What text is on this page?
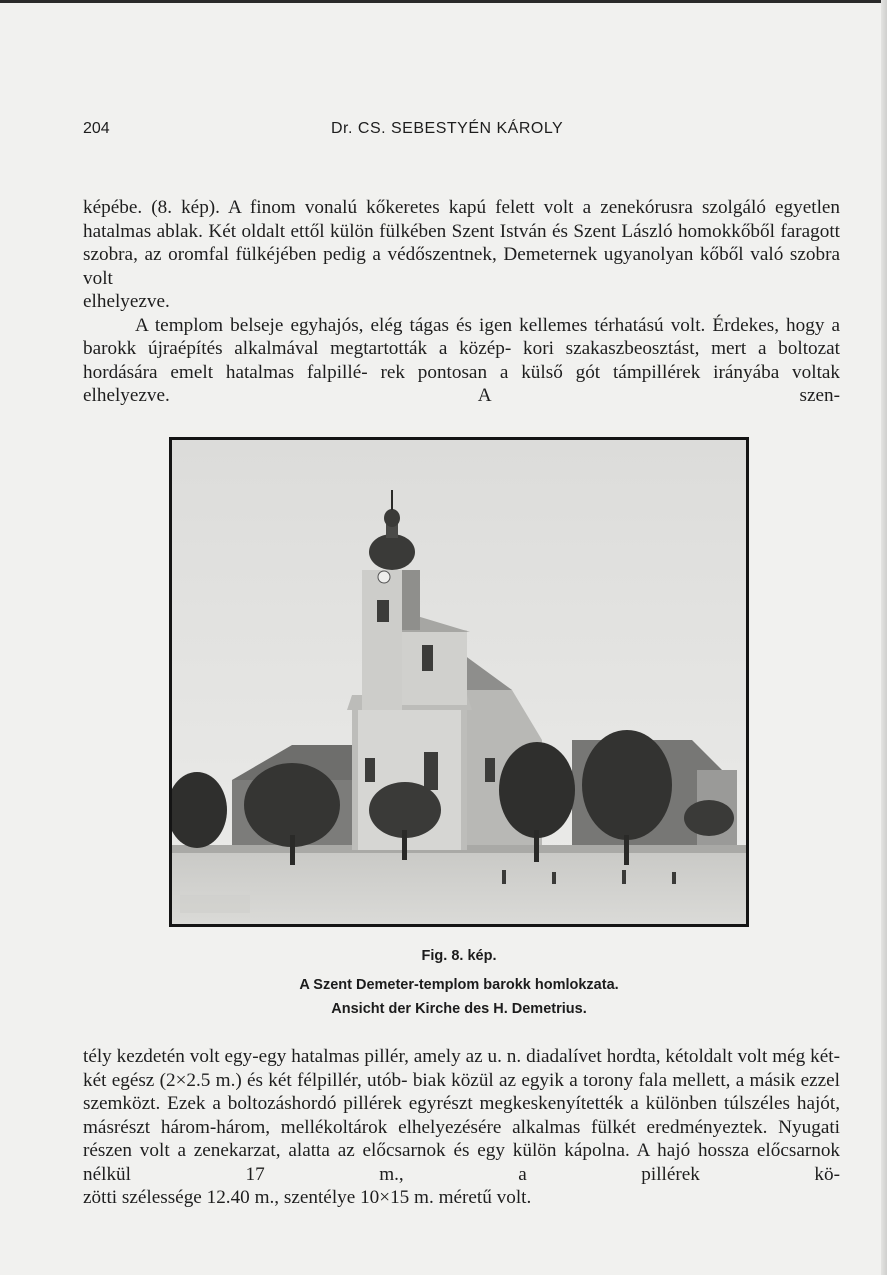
204	Dr. CS. SEBESTYÉN KÁROLY

képébe. (8. kép). A finom vonalú kőkeretes kapú felett volt a zenekórusra szolgáló egyetlen hatalmas ablak. Két oldalt ettől külön fülkében Szent István és Szent László homokkőből faragott szobra, az oromfal fülkéjében pedig a védőszentnek, Demeternek ugyanolyan kőből való szobra volt

elhelyezve.

A templom belseje egyhajós, elég tágas és igen kellemes térhatású volt. Érdekes, hogy a barokk újraépítés alkalmával megtartották a közép- kori szakaszbeosztást, mert a boltozat hordására emelt hatalmas falpillé- rek pontosan a külső gót támpillérek irányába voltak elhelyezve. A szen-

Fig. 8. kép.
A Szent Demeter-templom barokk homlokzata.
Ansicht der Kirche des H. Demetrius.

tély kezdetén volt egy-egy hatalmas pillér, amely az u. n. diadalívet hordta, kétoldalt volt még két-két egész (2×2.5 m.) és két félpillér, utób- biak közül az egyik a torony fala mellett, a másik ezzel szemközt. Ezek a boltozáshordó pillérek egyrészt megkeskenyítették a különben túlszéles hajót, másrészt három-három, mellékoltárok elhelyezésére alkalmas fülkét eredményeztek. Nyugati részen volt a zenekarzat, alatta az előcsarnok és egy külön kápolna. A hajó hossza előcsarnok nélkül 17 m., a pillérek kö-

zötti szélessége 12.40 m., szentélye 10×15 m. méretű volt.
